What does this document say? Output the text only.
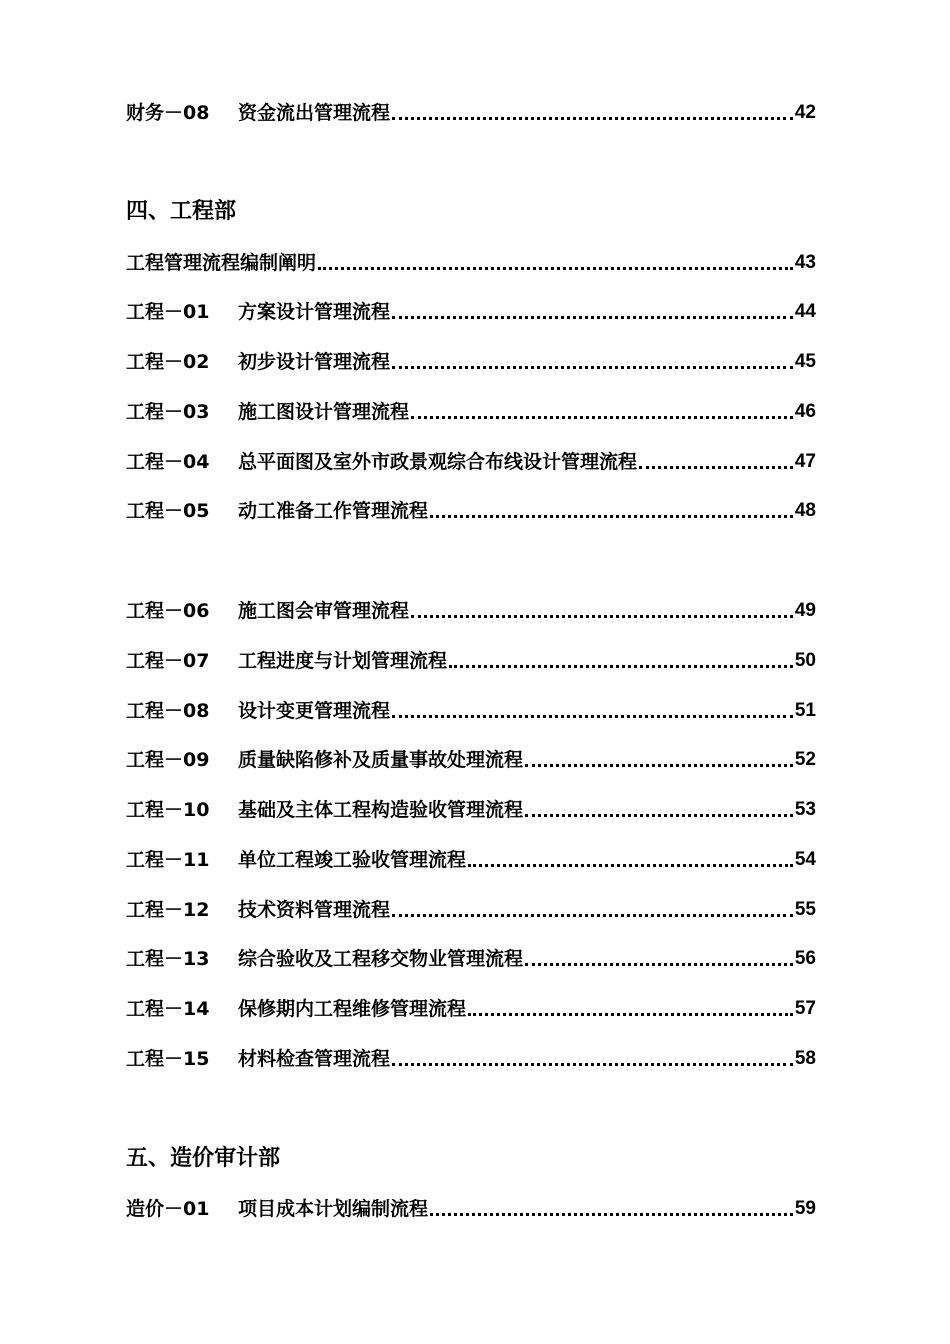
财务－08	资金流出管理流程	42
四、工程部
工程管理流程编制阐明	43
工程－01	方案设计管理流程	44
工程－02	初步设计管理流程	45
工程－03	施工图设计管理流程	46
工程－04	总平面图及室外市政景观综合布线设计管理流程	47
工程－05	动工准备工作管理流程	48
工程－06	施工图会审管理流程	49
工程－07	工程进度与计划管理流程	50
工程－08	设计变更管理流程	51
工程－09	质量缺陷修补及质量事故处理流程	52
工程－10	基础及主体工程构造验收管理流程	53
工程－11	单位工程竣工验收管理流程	54
工程－12	技术资料管理流程	55
工程－13	综合验收及工程移交物业管理流程	56
工程－14	保修期内工程维修管理流程	57
工程－15	材料检查管理流程	58
五、造价审计部
造价－01	项目成本计划编制流程	59
